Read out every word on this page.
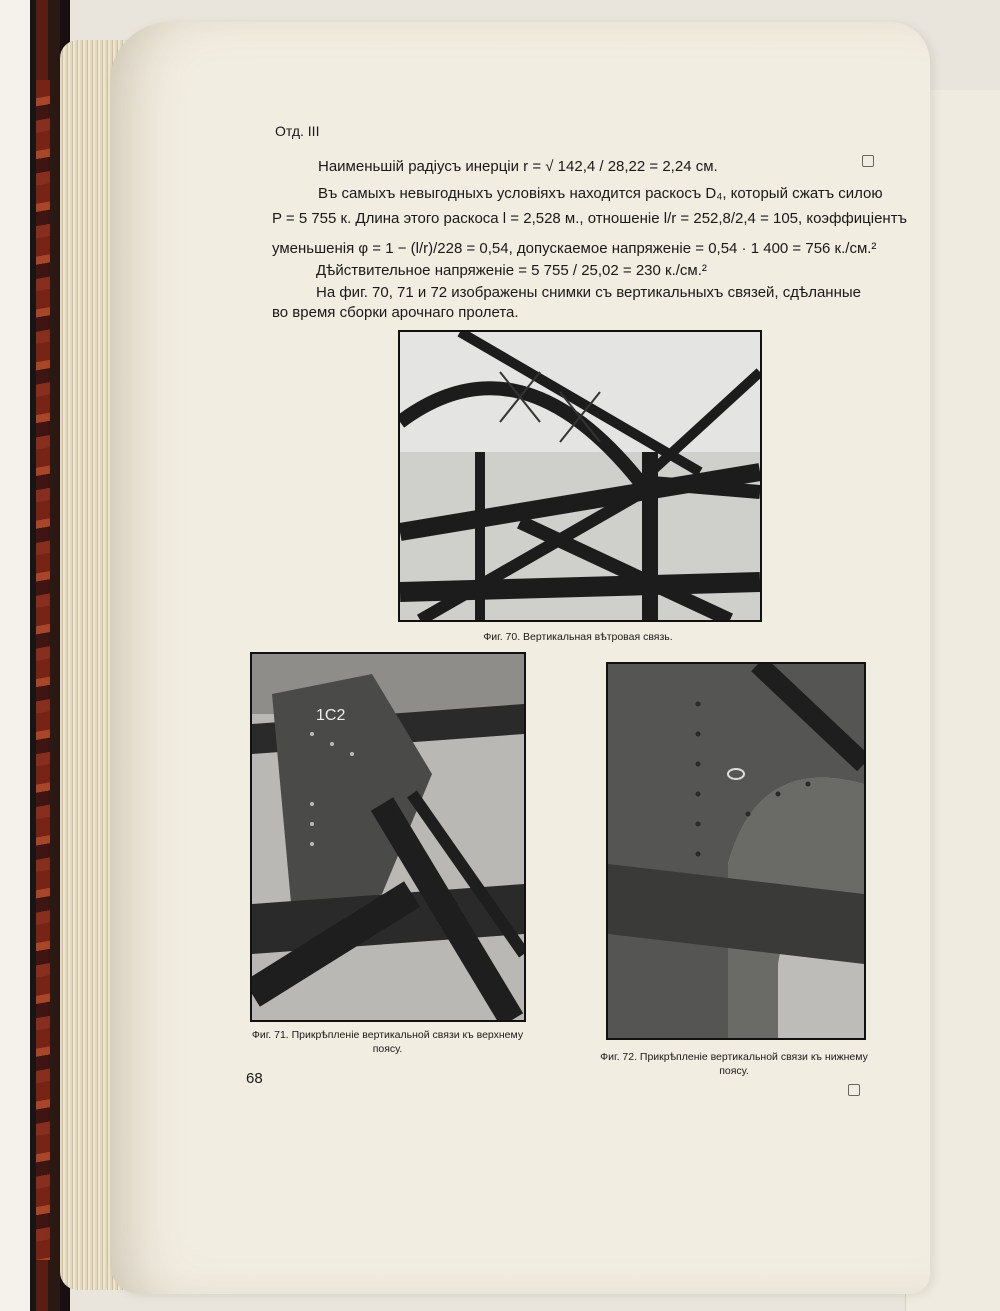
Отд. III
Наименьшій радіусъ инерціи r = √ 142,4 / 28,22 = 2,24 см.
Въ самыхъ невыгодныхъ условіяхъ находится раскосъ D₄, который сжатъ силою
P = 5 755 к. Длина этого раскоса l = 2,528 м., отношеніе l/r = 252,8/2,4 = 105, коэффиціентъ
уменьшенія φ = 1 − (l/r)/228 = 0,54, допускаемое напряженіе = 0,54 · 1 400 = 756 к./см.²
Дѣйствительное напряженіе = 5 755 / 25,02 = 230 к./см.²
На фиг. 70, 71 и 72 изображены снимки съ вертикальныхъ связей, сдѣланные
во время сборки арочнаго пролета.
Фиг. 70. Вертикальная вѣтровая связь.
1С2
Фиг. 71. Прикрѣпленіе вертикальной связи къ верхнему поясу.
Фиг. 72. Прикрѣпленіе вертикальной связи къ нижнему поясу.
68
